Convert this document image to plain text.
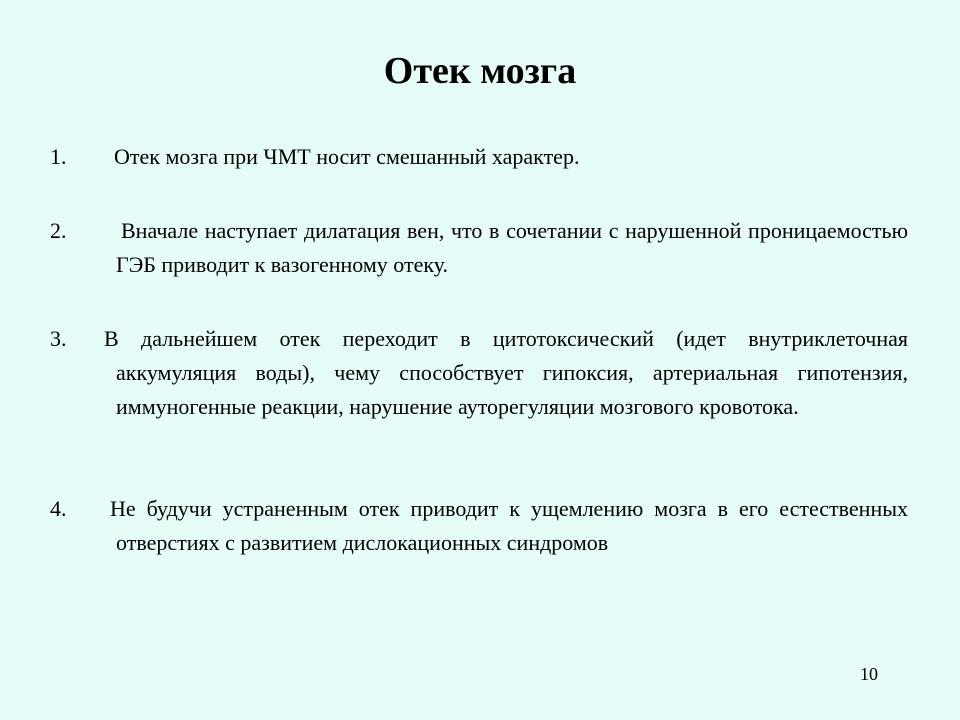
Отек мозга
1. Отек мозга при ЧМТ носит смешанный характер.
2. Вначале наступает дилатация вен, что в сочетании с нарушенной проницаемостью ГЭБ приводит к вазогенному отеку.
3. В дальнейшем отек переходит в цитотоксический (идет внутриклеточная аккумуляция воды), чему способствует гипоксия, артериальная гипотензия, иммуногенные реакции, нарушение ауторегуляции мозгового кровотока.
4. Не будучи устраненным отек приводит к ущемлению мозга в его естественных отверстиях с развитием дислокационных синдромов
10
